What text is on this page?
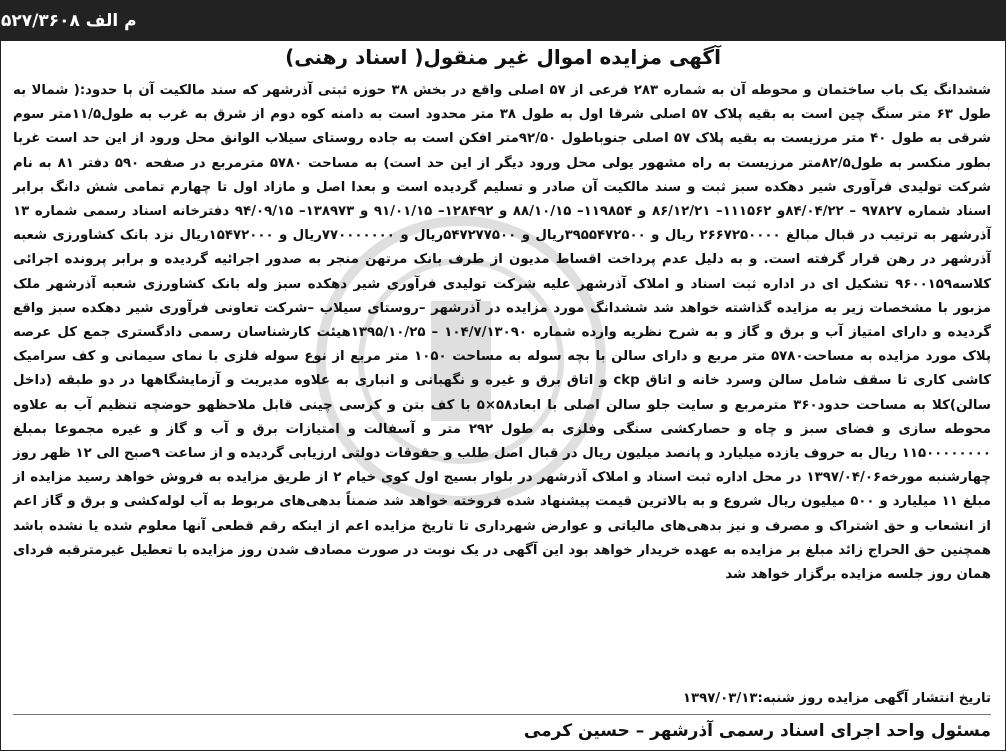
م الف ۵۲۷/۳۶۰۸
آگهی مزایده اموال غیر منقول( اسناد رهنی)

ششدانگ یک باب ساختمان و محوطه آن به شماره ۲۸۳ فرعی از ۵۷ اصلی واقع در بخش ۳۸ حوزه ثبتی آذرشهر که سند مالکیت آن با حدود:( شمالا به طول ۶۳ متر سنگ چین است به بقیه پلاک ۵۷ اصلی شرقا اول به طول ۳۸ متر محدود است به دامنه کوه دوم از شرق به غرب به طول۱۱/۵متر سوم شرقی به طول ۴۰ متر مرزیست به بقیه پلاک ۵۷ اصلی جنوباطول ۹۲/۵۰متر افکن است به جاده روستای سیلاب الوانق محل ورود از این حد است غربا بطور منکسر به طول۸۲/۵متر مرزیست به راه مشهور یولی محل ورود دیگر از این حد است) به مساحت ۵۷۸۰ مترمربع در صفحه ۵۹۰ دفتر ۸۱ به نام شرکت تولیدی فرآوری شیر دهکده سبز ثبت و سند مالکیت آن صادر و تسلیم گردیده است و بعدا اصل و مازاد اول تا چهارم تمامی شش دانگ برابر اسناد شماره ۹۷۸۲۷ – ۸۴/۰۴/۲۲و ۱۱۱۵۶۲– ۸۶/۱۲/۲۱ و ۱۱۹۸۵۴– ۸۸/۱۰/۱۵ و ۱۲۸۴۹۲– ۹۱/۰۱/۱۵ و ۱۳۸۹۷۳– ۹۴/۰۹/۱۵ دفترخانه اسناد رسمی شماره ۱۳ آذرشهر به ترتیب در قبال مبالغ ۲۶۶۷۲۵۰۰۰۰ ریال و ۳۹۵۵۴۷۲۵۰۰ریال و ۵۴۷۲۷۷۵۰۰ریال و ۷۷۰۰۰۰۰۰۰ریال و ۱۵۴۷۲۰۰۰ریال نزد بانک کشاورزی شعبه آذرشهر در رهن قرار گرفته است. و به دلیل عدم پرداخت اقساط مدیون از طرف بانک مرتهن منجر به صدور اجرائیه گردیده و برابر پرونده اجرائی کلاسه۹۶۰۰۱۵۹ تشکیل ای در اداره ثبت اسناد و املاک آذرشهر علیه شرکت تولیدی فرآوری شیر دهکده سبز وله بانک کشاورزی شعبه آذرشهر ملک مزبور با مشخصات زیر به مزایده گذاشته خواهد شد ششدانگ مورد مزایده در آذرشهر –روستای سیلاب –شرکت تعاونی فرآوری شیر دهکده سبز واقع گردیده و دارای امتیاز آب و برق و گاز و به شرح نظریه وارده شماره ۱۰۴/۷/۱۳۰۹۰ – ۱۳۹۵/۱۰/۲۵هیئت کارشناسان رسمی دادگستری جمع کل عرصه پلاک مورد مزایده به مساحت۵۷۸۰ متر مربع و دارای سالن با بچه سوله به مساحت ۱۰۵۰ متر مربع از نوع سوله فلزی با نمای سیمانی و کف سرامیک کاشی کاری تا سقف شامل سالن وسرد خانه و اتاق ckp و اتاق برق و غیره و نگهبانی و انباری به علاوه مدیریت و آزمایشگاهها در دو طبقه (داخل سالن)کلا به مساحت حدود۳۶۰ مترمربع و سایت جلو سالن اصلی با ابعاد۵۸×۵ با کف بتن و کرسی چینی قابل ملاحظهو حوضچه تنظیم آب به علاوه محوطه سازی و فضای سبز و چاه و حصارکشی سنگی وفلزی به طول ۲۹۲ متر و آسفالت و امتیازات برق و آب و گاز و غیره مجموعا بمبلغ ۱۱۵۰۰۰۰۰۰۰۰ ریال به حروف یازده میلیارد و پانصد میلیون ریال در قبال اصل طلب و حقوقات دولتی ارزیابی گردیده و از ساعت ۹صبح الی ۱۲ ظهر روز چهارشنبه مورخه۱۳۹۷/۰۴/۰۶ در محل اداره ثبت اسناد و املاک آذرشهر در بلوار بسیج اول کوی خیام ۲ از طریق مزایده به فروش خواهد رسید مزایده از مبلغ ۱۱ میلیارد و ۵۰۰ میلیون ریال شروع و به بالاترین قیمت پیشنهاد شده فروخته خواهد شد ضمناً بدهی‌های مربوط به آب لوله‌کشی و برق و گاز اعم از انشعاب و حق اشتراک و مصرف و نیز بدهی‌های مالیاتی و عوارض شهرداری تا تاریخ مزایده اعم از اینکه رقم قطعی آنها معلوم شده یا نشده باشد همچنین حق الحراج زائد مبلغ بر مزایده به عهده خریدار خواهد بود این آگهی در یک نوبت در صورت مصادف شدن روز مزایده با تعطیل غیرمترقبه فردای همان روز جلسه مزایده برگزار خواهد شد

تاریخ انتشار آگهی مزایده روز شنبه:۱۳۹۷/۰۳/۱۳
مسئول واحد اجرای اسناد رسمی آذرشهر – حسین کرمی
